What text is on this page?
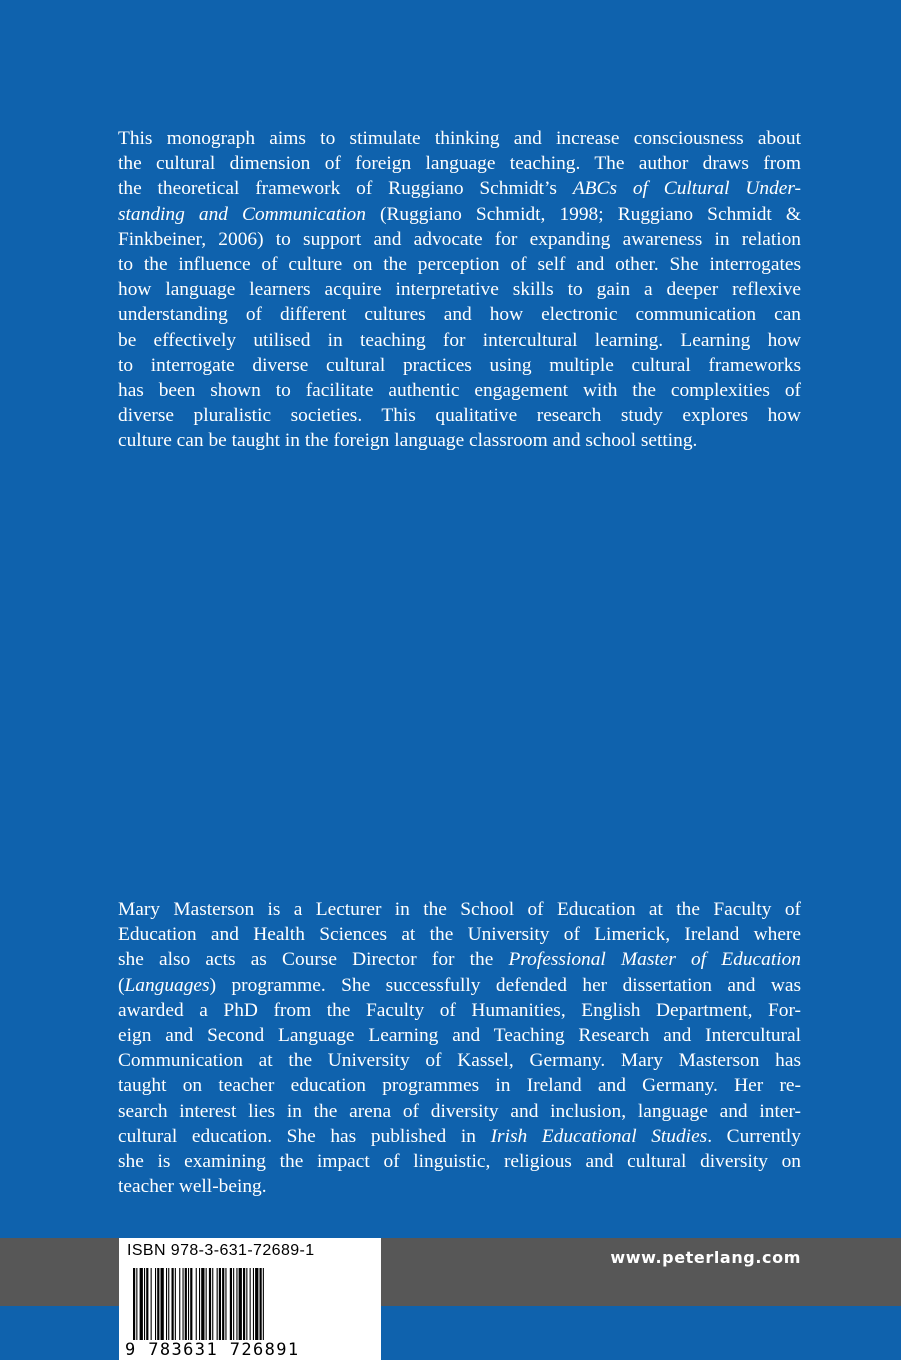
This monograph aims to stimulate thinking and increase consciousness about
the cultural dimension of foreign language teaching. The author draws from
the theoretical framework of Ruggiano Schmidt’s ABCs of Cultural Under-
standing and Communication (Ruggiano Schmidt, 1998; Ruggiano Schmidt &
Finkbeiner, 2006) to support and advocate for expanding awareness in relation
to the influence of culture on the perception of self and other. She interrogates
how language learners acquire interpretative skills to gain a deeper reflexive
understanding of different cultures and how electronic communication can
be effectively utilised in teaching for intercultural learning. Learning how
to interrogate diverse cultural practices using multiple cultural frameworks
has been shown to facilitate authentic engagement with the complexities of
diverse pluralistic societies. This qualitative research study explores how
culture can be taught in the foreign language classroom and school setting.
Mary Masterson is a Lecturer in the School of Education at the Faculty of
Education and Health Sciences at the University of Limerick, Ireland where
she also acts as Course Director for the Professional Master of Education
(Languages) programme. She successfully defended her dissertation and was
awarded a PhD from the Faculty of Humanities, English Department, For-
eign and Second Language Learning and Teaching Research and Intercultural
Communication at the University of Kassel, Germany. Mary Masterson has
taught on teacher education programmes in Ireland and Germany. Her re-
search interest lies in the arena of diversity and inclusion, language and inter-
cultural education. She has published in Irish Educational Studies. Currently
she is examining the impact of linguistic, religious and cultural diversity on
teacher well-being.
www.peterlang.com
ISBN 978-3-631-72689-1
9 783631 726891
